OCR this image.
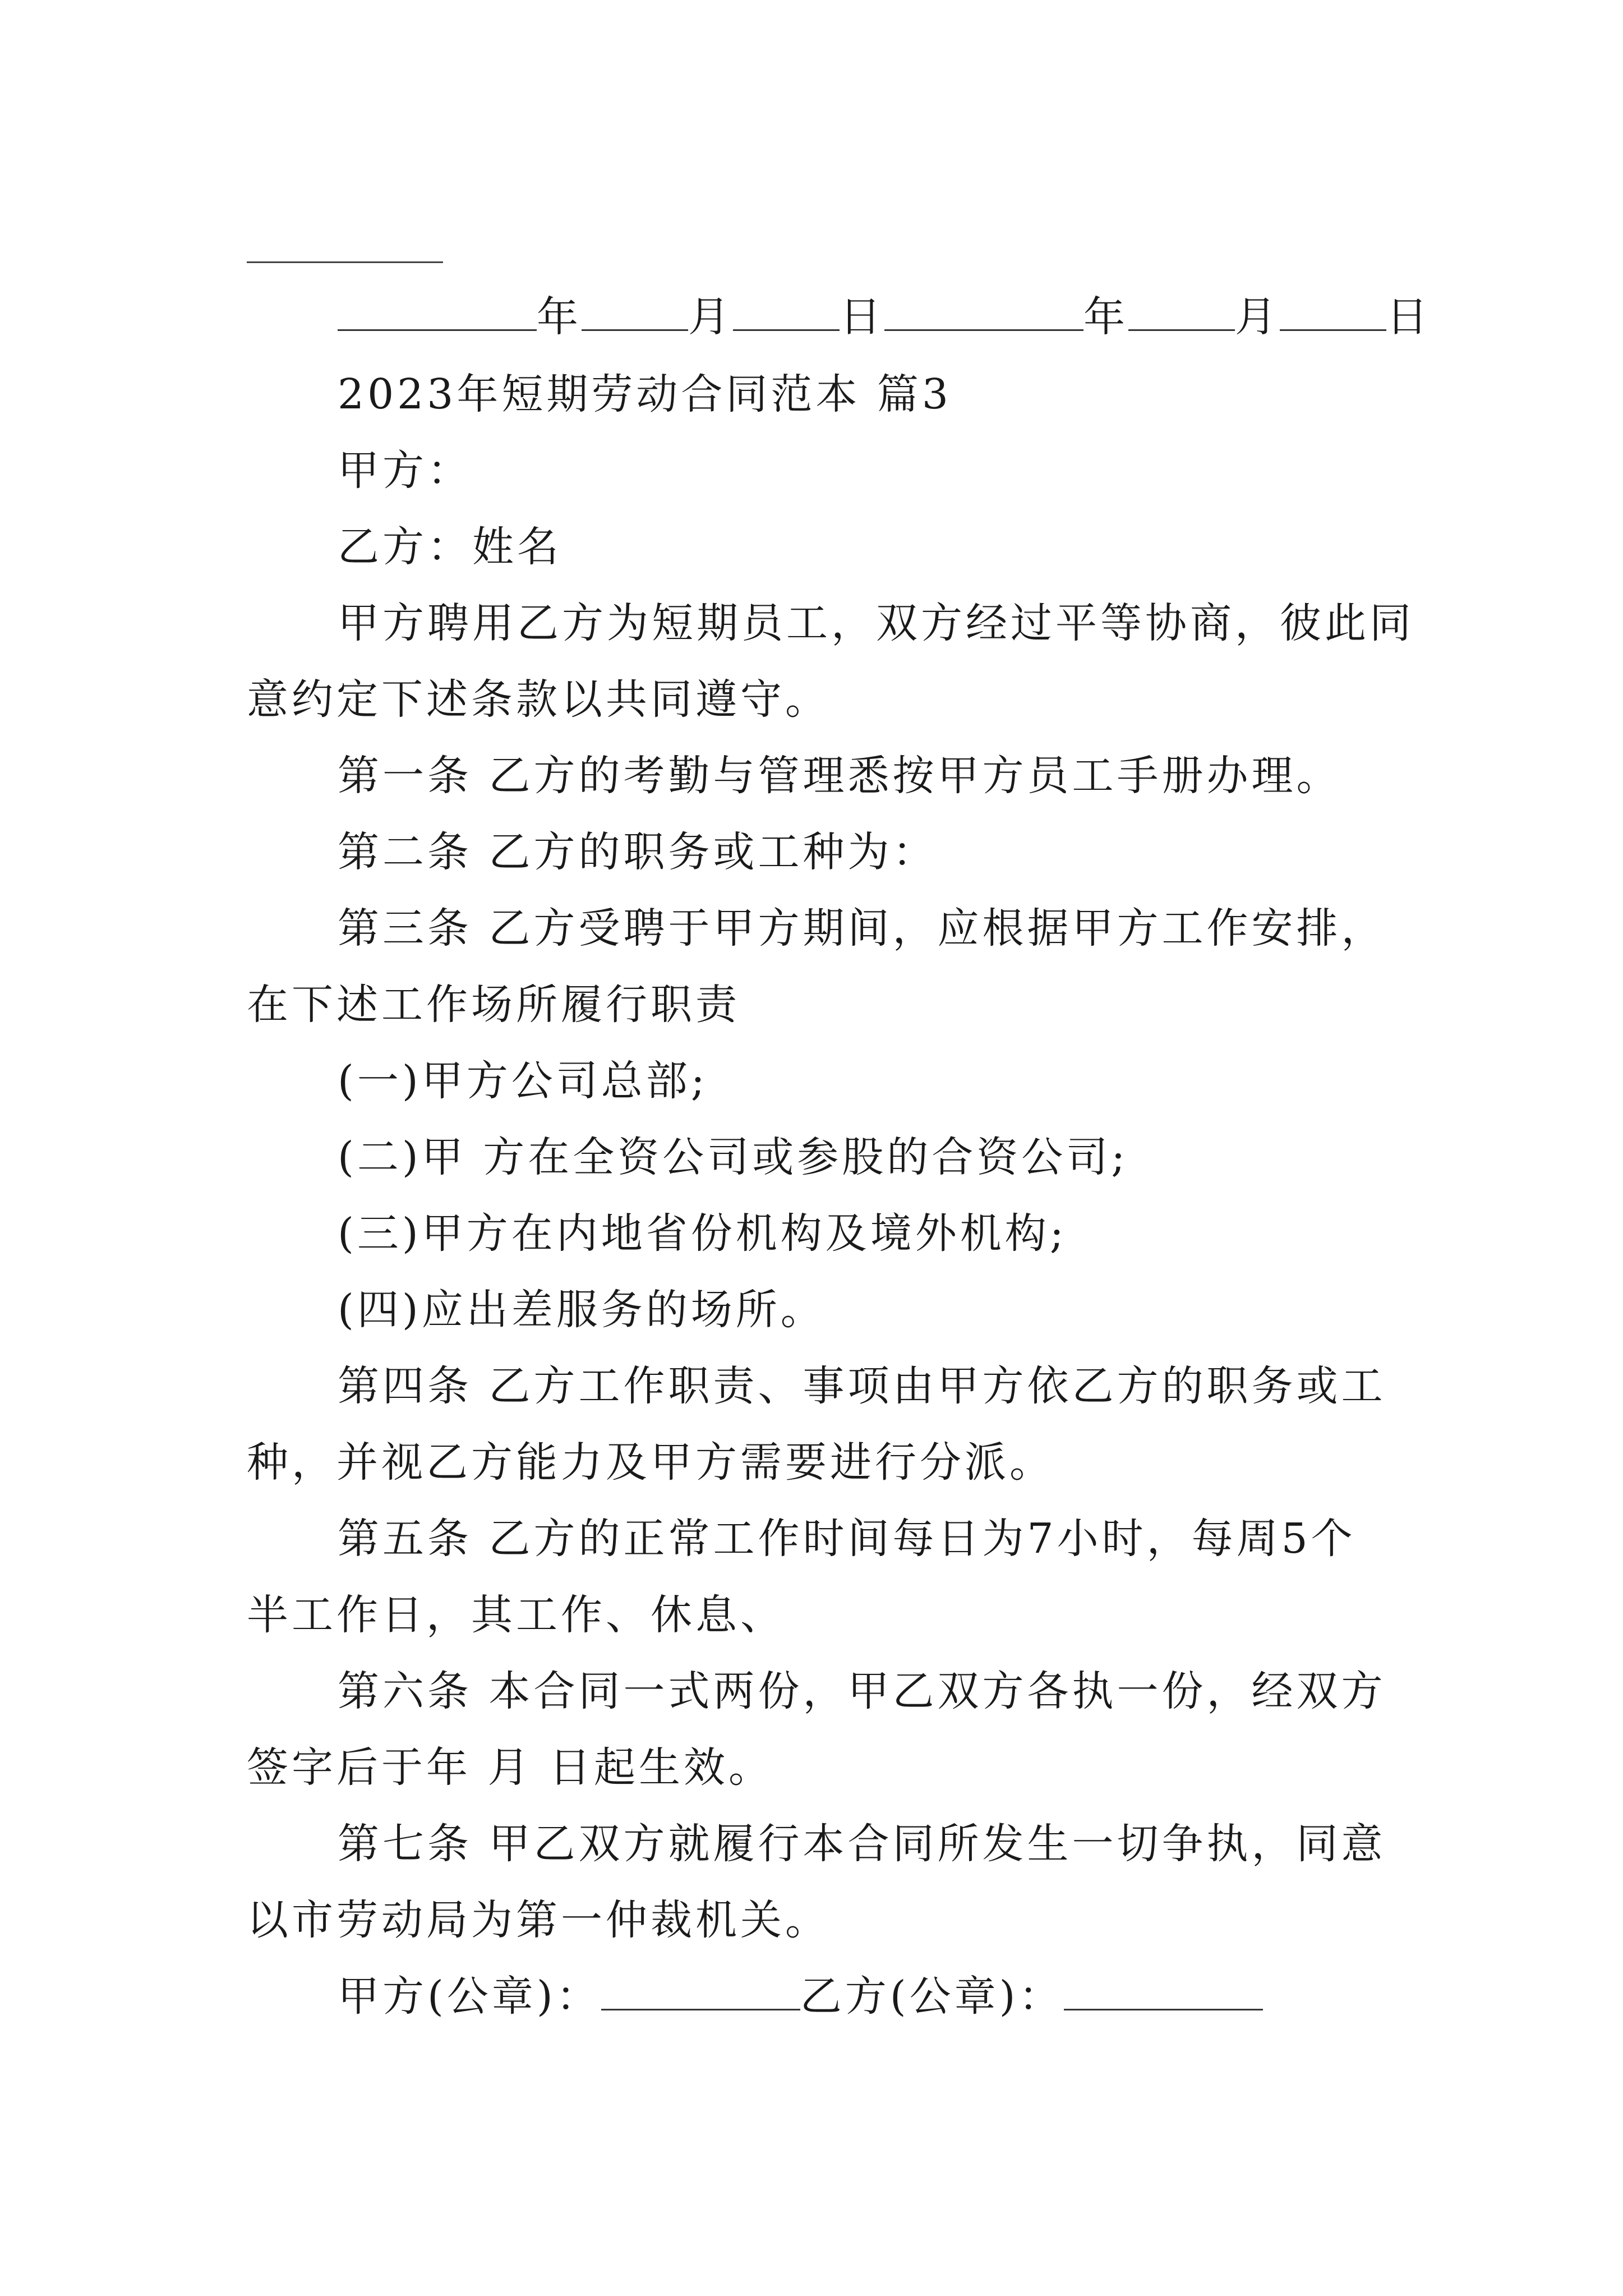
年	月	日	年	月	日
2023年短期劳动合同范本 篇3
甲方：
乙方：姓名
甲方聘用乙方为短期员工，双方经过平等协商，彼此同
意约定下述条款以共同遵守。
第一条 乙方的考勤与管理悉按甲方员工手册办理。
第二条 乙方的职务或工种为：
第三条 乙方受聘于甲方期间，应根据甲方工作安排，
在下述工作场所履行职责
(一)甲方公司总部;
(二)甲 方在全资公司或参股的合资公司;
(三)甲方在内地省份机构及境外机构;
(四)应出差服务的场所。
第四条 乙方工作职责、事项由甲方依乙方的职务或工
种，并视乙方能力及甲方需要进行分派。
第五条 乙方的正常工作时间每日为7小时，每周5个
半工作日，其工作、休息、
第六条 本合同一式两份，甲乙双方各执一份，经双方
签字后于年 月 日起生效。
第七条 甲乙双方就履行本合同所发生一切争执，同意
以市劳动局为第一仲裁机关。
甲方(公章)：	乙方(公章)：
